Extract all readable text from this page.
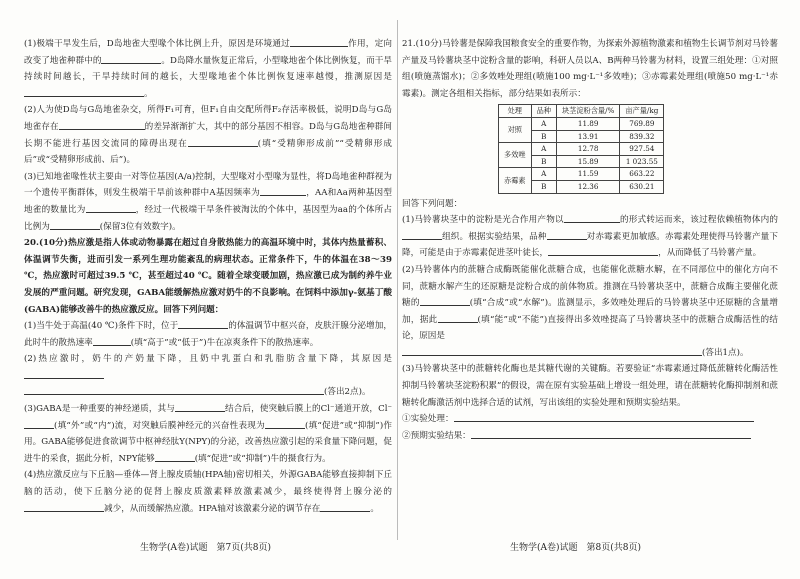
(1)极端干旱发生后，D岛地雀大型喙个体比例上升，原因是环境通过	作用，定向改变了地雀种群中的	。D岛降水量恢复正常后，小型喙地雀个体比例恢复，而干旱持续时间越长，干旱持续时间的越长，大型喙地雀个体比例恢复速率越慢，推测原因是。

(2)人为使D岛与G岛地雀杂交，所得F₁可育，但F₁自由交配所得F₂存活率极低，说明D岛与G岛地雀存在	的差异渐渐扩大，其中的部分基因不相容。D岛与G岛地雀种群间长期不能进行基因交流同的障碍出现在	(填“受精卵形成前”“受精卵形成后”或“受精卵形成前、后”)。

(3)已知地雀喙性状主要由一对等位基因(A/a)控制，大型喙对小型喙为显性，将D岛地雀种群视为一个遗传平衡群体，则发生极端干旱前该种群中A基因频率为	，AA和Aa两种基因型地雀的数量比为	，经过一代极端干旱条件被淘汰的个体中，基因型为aa的个体所占比例为	(保留3位有效数字)。

20.(10分)热应激是指人体或动物暴露在超过自身散热能力的高温环境中时，其体内热量蓄积、体温调节失衡，进而引发一系列生理功能紊乱的病理状态。正常条件下，牛的体温在38～39 ℃，热应激时可超过39.5 ℃，甚至超过40 ℃。随着全球变暖加剧，热应激已成为制约养牛业发展的严重问题。研究发现，GABA能缓解热应激对奶牛的不良影响。在饲料中添加γ-氨基丁酸(GABA)能够改善牛的热应激反应。回答下列问题：

(1)当牛处于高温(40 ℃)条件下时，位于	的体温调节中枢兴奋，皮肤汗腺分泌增加，此时牛的散热速率	(填“高于”或“低于”)牛在凉爽条件下的散热速率。

(2)热应激时，奶牛的产奶量下降，且奶中乳蛋白和乳脂肪含量下降，其原因是

(答出2点)。

(3)GABA是一种重要的神经递质，其与	结合后，使突触后膜上的Cl⁻通道开放，Cl⁻(填“外”或“内”)流，对突触后膜神经元的兴奋性表现为	(填“促进”或“抑制”)作用。GABA能够促进食欲调节中枢神经肽Y(NPY)的分泌，改善热应激引起的采食量下降问题，促进牛的采食，据此分析，NPY能够	(填“促进”或“抑制”)牛的摄食行为。

(4)热应激反应与下丘脑—垂体—肾上腺皮质轴(HPA轴)密切相关，外源GABA能够直接抑制下丘脑的活动，使下丘脑分泌的促肾上腺皮质激素释放激素减少，最终使得肾上腺分泌的减少，从而缓解热应激。HPA轴对该激素分泌的调节存在	。

21.(10分)马铃薯是保障我国粮食安全的重要作物，为探索外源植物激素和植物生长调节剂对马铃薯产量及马铃薯块茎中淀粉含量的影响，科研人员以A、B两种马铃薯为材料，设置三组处理：①对照组(喷施蒸馏水)；②多效唑处理组(喷施100 mg·L⁻¹多效唑)；③赤霉素处理组(喷施50 mg·L⁻¹赤霉素)。测定各组相关指标，部分结果如表所示：

处理	品种	块茎淀粉含量/%	亩产量/kg
对照	A	11.89	769.89
	B	13.91	839.32
多效唑	A	12.78	927.54
	B	15.89	1 023.55
赤霉素	A	11.59	663.22
	B	12.36	630.21

回答下列问题：

(1)马铃薯块茎中的淀粉是光合作用产物以	的形式转运而来，该过程依赖植物体内的组织。根据实验结果，品种	对赤霉素更加敏感。赤霉素处理使得马铃薯产量下降，可能是由于赤霉素促进茎叶徒长，	，从而降低了马铃薯产量。

(2)马铃薯体内的蔗糖合成酶既能催化蔗糖合成，也能催化蔗糖水解，在不同部位中的催化方向不同，蔗糖水解产生的还原糖是淀粉合成的前体物质。推测在马铃薯块茎中，蔗糖合成酶主要催化蔗糖的	(填“合成”或“水解”)。监测显示，多效唑处理后的马铃薯块茎中还原糖的含量增加，据此	(填“能”或“不能”)直接得出多效唑提高了马铃薯块茎中的蔗糖合成酶活性的结论，原因是

(答出1点)。

(3)马铃薯块茎中的蔗糖转化酶也是其糖代谢的关键酶。若要验证“赤霉素通过降低蔗糖转化酶活性抑制马铃薯块茎淀粉积累”的假设，需在原有实验基础上增设一组处理，请在蔗糖转化酶抑制剂和蔗糖转化酶激活剂中选择合适的试剂，写出该组的实验处理和预期实验结果。

①实验处理：

②预期实验结果：

生物学(A卷)试题　第7页(共8页)	生物学(A卷)试题　第8页(共8页)
